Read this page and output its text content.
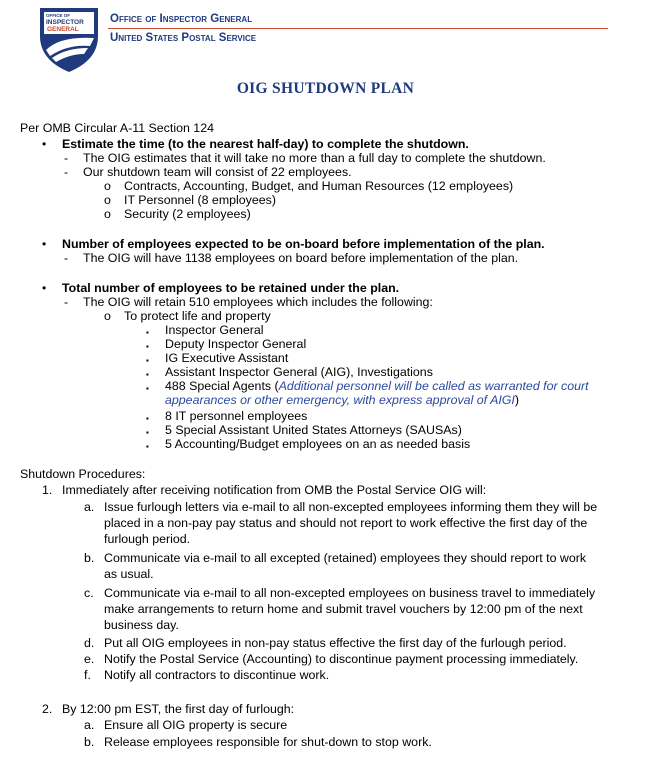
OFFICE OF
INSPECTOR
GENERAL
Office of Inspector General
United States Postal Service
OIG SHUTDOWN PLAN
Per OMB Circular A-11 Section 124
• Estimate the time (to the nearest half-day) to complete the shutdown.
- The OIG estimates that it will take no more than a full day to complete the shutdown.
- Our shutdown team will consist of 22 employees.
o Contracts, Accounting, Budget, and Human Resources (12 employees)
o IT Personnel (8 employees)
o Security (2 employees)
• Number of employees expected to be on-board before implementation of the plan.
- The OIG will have 1138 employees on board before implementation of the plan.
• Total number of employees to be retained under the plan.
- The OIG will retain 510 employees which includes the following:
o To protect life and property
▪ Inspector General
▪ Deputy Inspector General
▪ IG Executive Assistant
▪ Assistant Inspector General (AIG), Investigations
▪ 488 Special Agents (Additional personnel will be called as warranted for court
appearances or other emergency, with express approval of AIGI)
▪ 8 IT personnel employees
▪ 5 Special Assistant United States Attorneys (SAUSAs)
▪ 5 Accounting/Budget employees on an as needed basis
Shutdown Procedures:
1. Immediately after receiving notification from OMB the Postal Service OIG will:
a. Issue furlough letters via e-mail to all non-excepted employees informing them they will be
placed in a non-pay pay status and should not report to work effective the first day of the
furlough period.
b. Communicate via e-mail to all excepted (retained) employees they should report to work
as usual.
c. Communicate via e-mail to all non-excepted employees on business travel to immediately
make arrangements to return home and submit travel vouchers by 12:00 pm of the next
business day.
d. Put all OIG employees in non-pay status effective the first day of the furlough period.
e. Notify the Postal Service (Accounting) to discontinue payment processing immediately.
f. Notify all contractors to discontinue work.
2. By 12:00 pm EST, the first day of furlough:
a. Ensure all OIG property is secure
b. Release employees responsible for shut-down to stop work.
